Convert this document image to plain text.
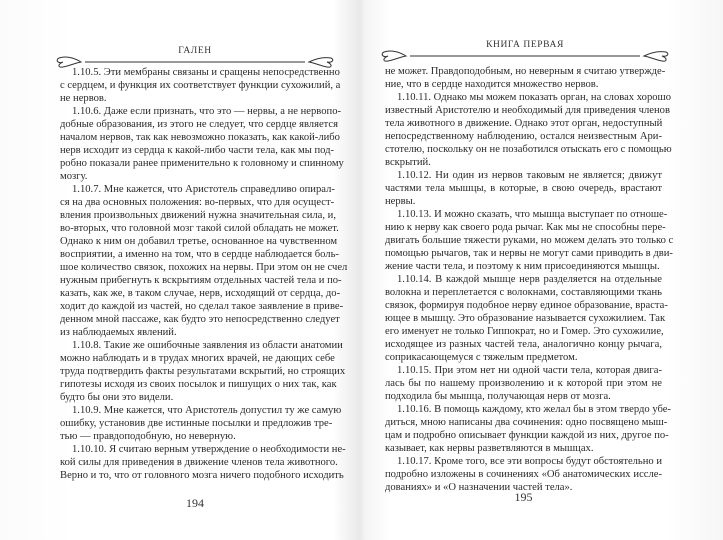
ГАЛЕН
1.10.5. Эти мембраны связаны и сращены непосредственно
с сердцем, и функция их соответствует функции сухожилий, а
не нервов.
1.10.6. Даже если признать, что это — нервы, а не нервопо-
добные образования, из этого не следует, что сердце является
началом нервов, так как невозможно показать, как какой-либо
нерв исходит из сердца к какой-либо части тела, как мы под-
робно показали ранее применительно к головному и спинному
мозгу.
1.10.7. Мне кажется, что Аристотель справедливо опирал-
ся на два основных положения: во-первых, что для осущест-
вления произвольных движений нужна значительная сила, и,
во-вторых, что головной мозг такой силой обладать не может.
Однако к ним он добавил третье, основанное на чувственном
восприятии, а именно на том, что в сердце наблюдается боль-
шое количество связок, похожих на нервы. При этом он не счел
нужным прибегнуть к вскрытиям отдельных частей тела и по-
казать, как же, в таком случае, нерв, исходящий от сердца, до-
ходит до каждой из частей, но сделал такое заявление в приве-
денном мной пассаже, как будто это непосредственно следует
из наблюдаемых явлений.
1.10.8. Такие же ошибочные заявления из области анатомии
можно наблюдать и в трудах многих врачей, не дающих себе
труда подтвердить факты результатами вскрытий, но строящих
гипотезы исходя из своих посылок и пишущих о них так, как
будто бы они это видели.
1.10.9. Мне кажется, что Аристотель допустил ту же самую
ошибку, установив две истинные посылки и предложив тре-
тью — правдоподобную, но неверную.
1.10.10. Я считаю верным утверждение о необходимости не-
кой силы для приведения в движение членов тела животного.
Верно и то, что от головного мозга ничего подобного исходить
194
КНИГА ПЕРВАЯ
не может. Правдоподобным, но неверным я считаю утвержде-
ние, что в сердце находится множество нервов.
1.10.11. Однако мы можем показать орган, на словах хорошо
известный Аристотелю и необходимый для приведения членов
тела животного в движение. Однако этот орган, недоступный
непосредственному наблюдению, остался неизвестным Ари-
стотелю, поскольку он не позаботился отыскать его с помощью
вскрытий.
1.10.12. Ни один из нервов таковым не является; движут
частями тела мышцы, в которые, в свою очередь, врастают
нервы.
1.10.13. И можно сказать, что мышца выступает по отноше-
нию к нерву как своего рода рычаг. Как мы не способны пере-
двигать большие тяжести руками, но можем делать это только с
помощью рычагов, так и нервы не могут сами приводить в дви-
жение части тела, и поэтому к ним присоединяются мышцы.
1.10.14. В каждой мышце нерв разделяется на отдельные
волокна и переплетается с волокнами, составляющими ткань
связок, формируя подобное нерву единое образование, враста-
ющее в мышцу. Это образование называется сухожилием. Так
его именует не только Гиппократ, но и Гомер. Это сухожилие,
исходящее из разных частей тела, аналогично концу рычага,
соприкасающемуся с тяжелым предметом.
1.10.15. При этом нет ни одной части тела, которая двига-
лась бы по нашему произволению и к которой при этом не
подходила бы мышца, получающая нерв от мозга.
1.10.16. В помощь каждому, кто желал бы в этом твердо убе-
диться, мною написаны два сочинения: одно посвящено мыш-
цам и подробно описывает функции каждой из них, другое по-
казывает, как нервы разветвляются в мышцах.
1.10.17. Кроме того, все эти вопросы будут обстоятельно и
подробно изложены в сочинениях «Об анатомических иссле-
дованиях» и «О назначении частей тела».
195
